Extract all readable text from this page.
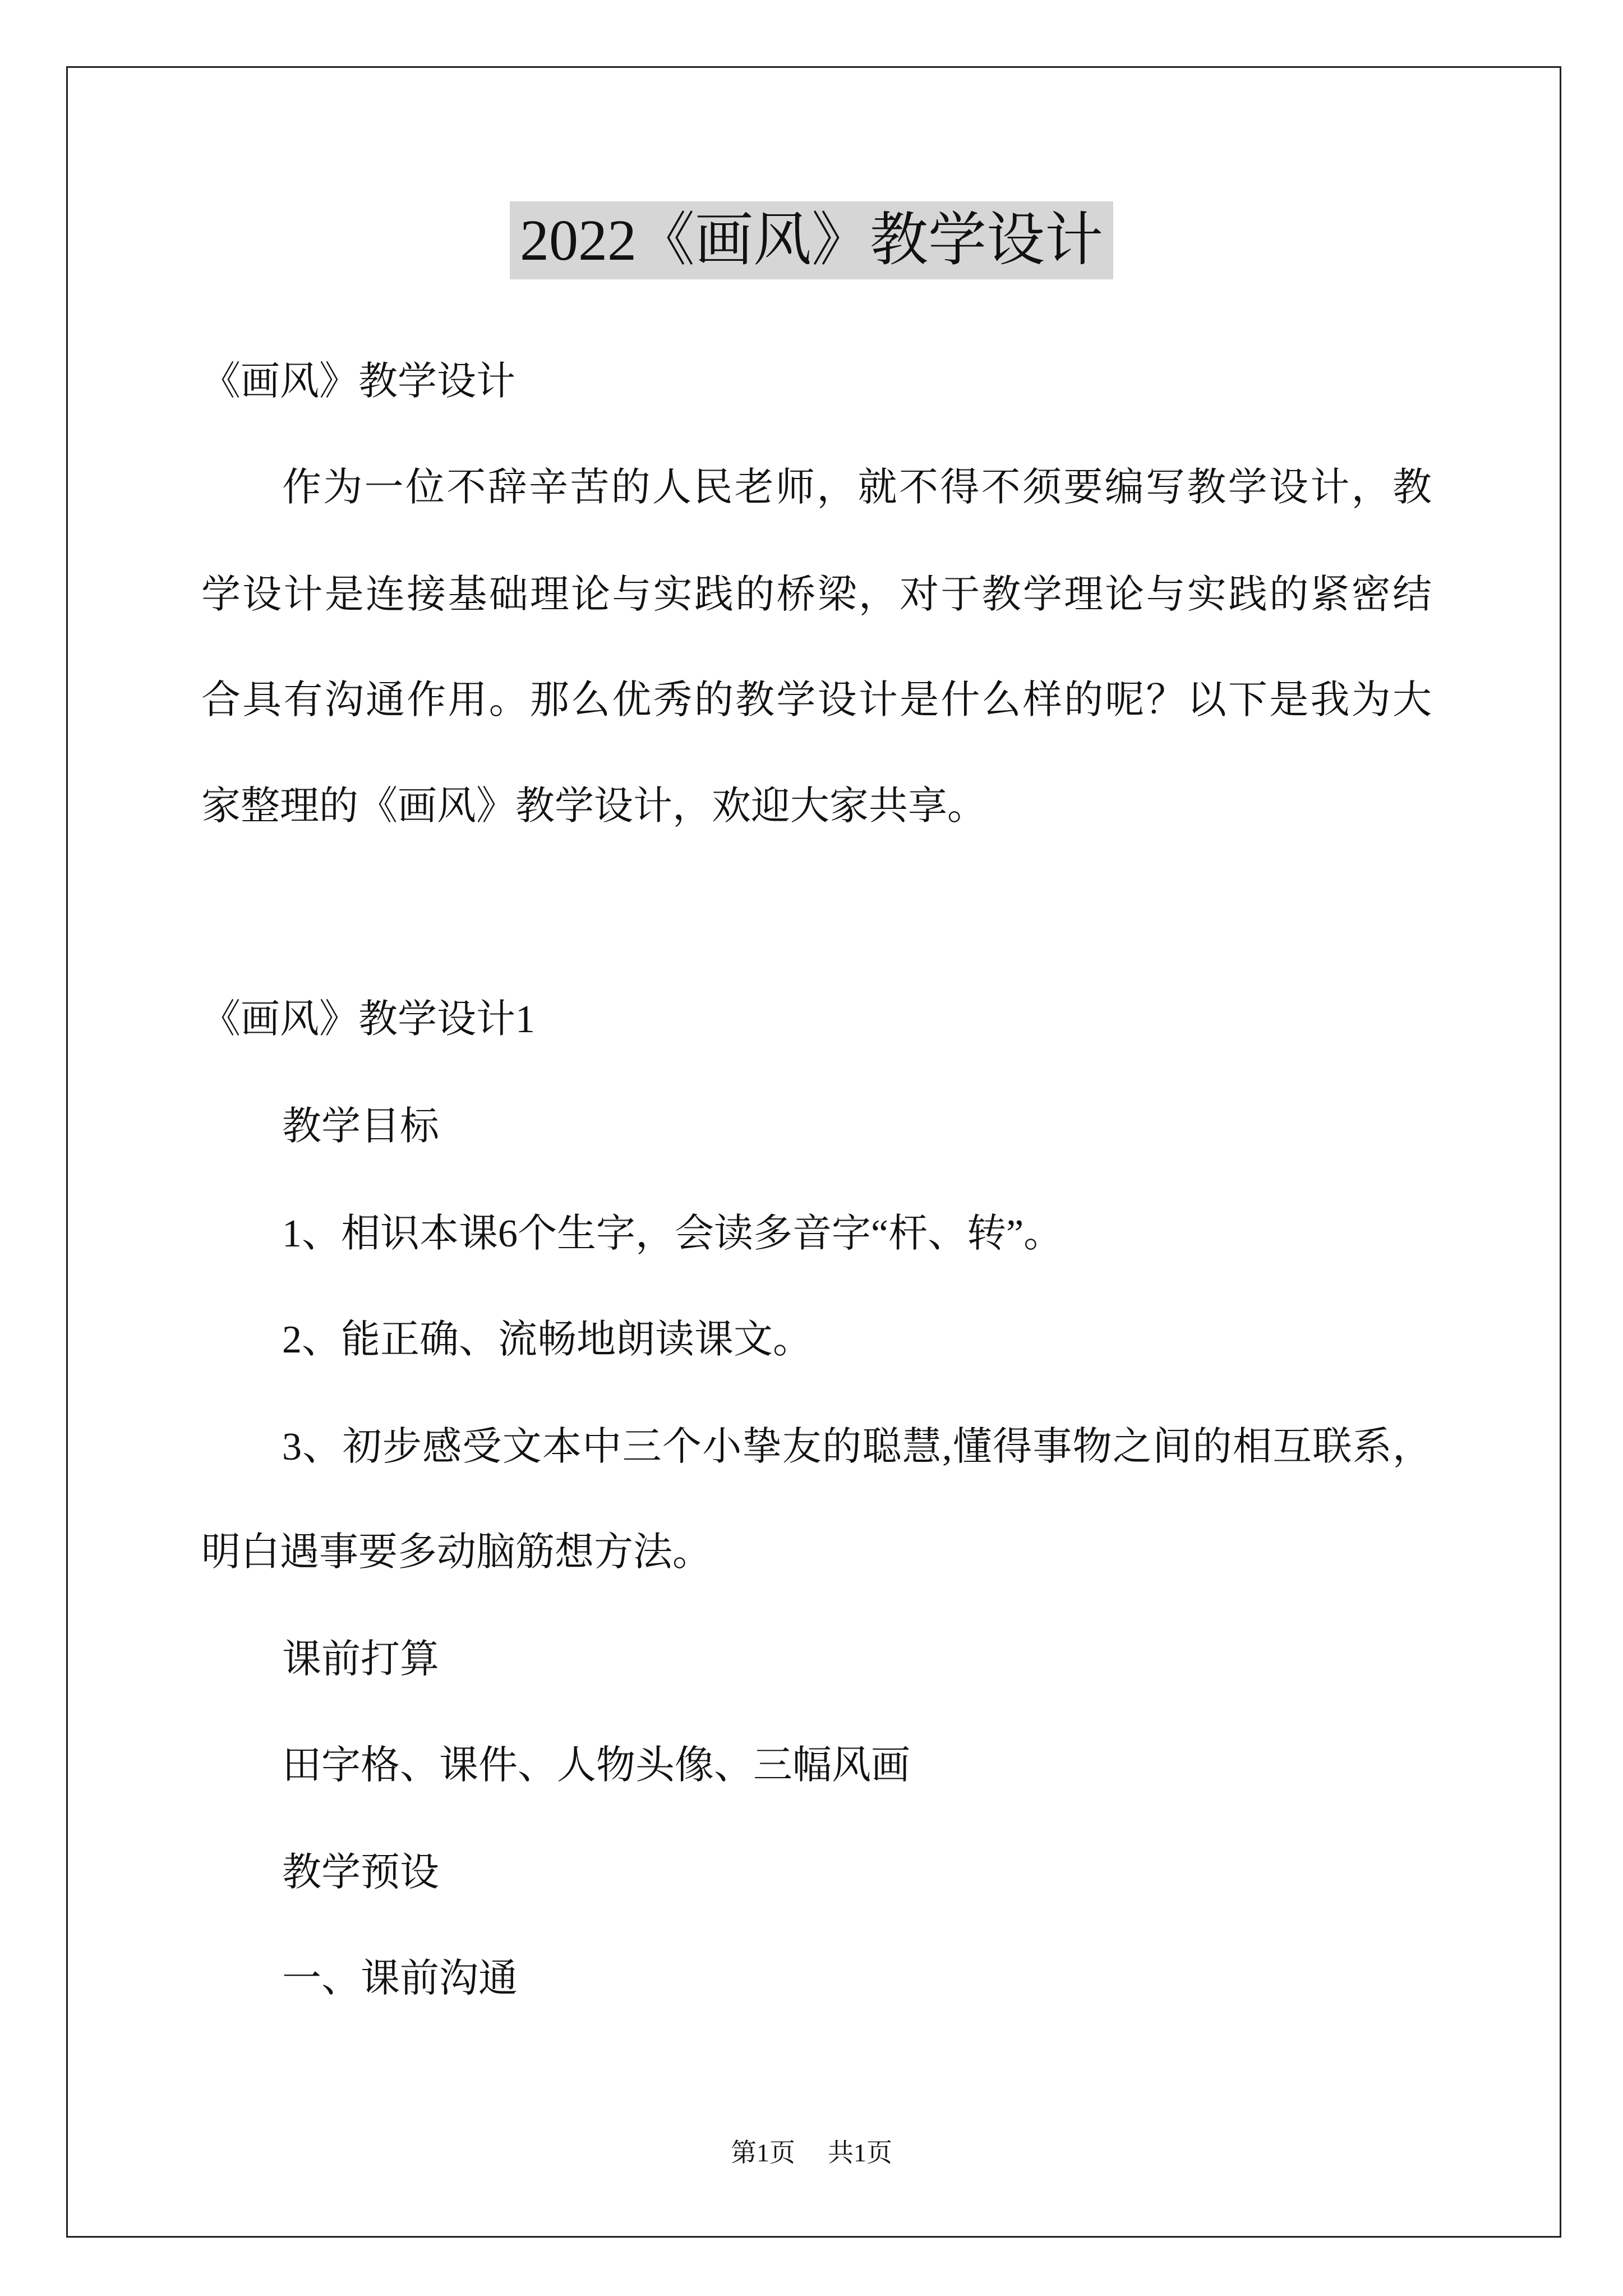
2022《画风》教学设计
《画风》教学设计
作为一位不辞辛苦的人民老师，就不得不须要编写教学设计，教
学设计是连接基础理论与实践的桥梁，对于教学理论与实践的紧密结
合具有沟通作用。那么优秀的教学设计是什么样的呢？以下是我为大
家整理的《画风》教学设计，欢迎大家共享。
《画风》教学设计1
教学目标
1、相识本课6个生字，会读多音字“杆、转”。
2、能正确、流畅地朗读课文。
3、初步感受文本中三个小挚友的聪慧,懂得事物之间的相互联系，
明白遇事要多动脑筋想方法。
课前打算
田字格、课件、人物头像、三幅风画
教学预设
一、课前沟通
第1页 共1页
